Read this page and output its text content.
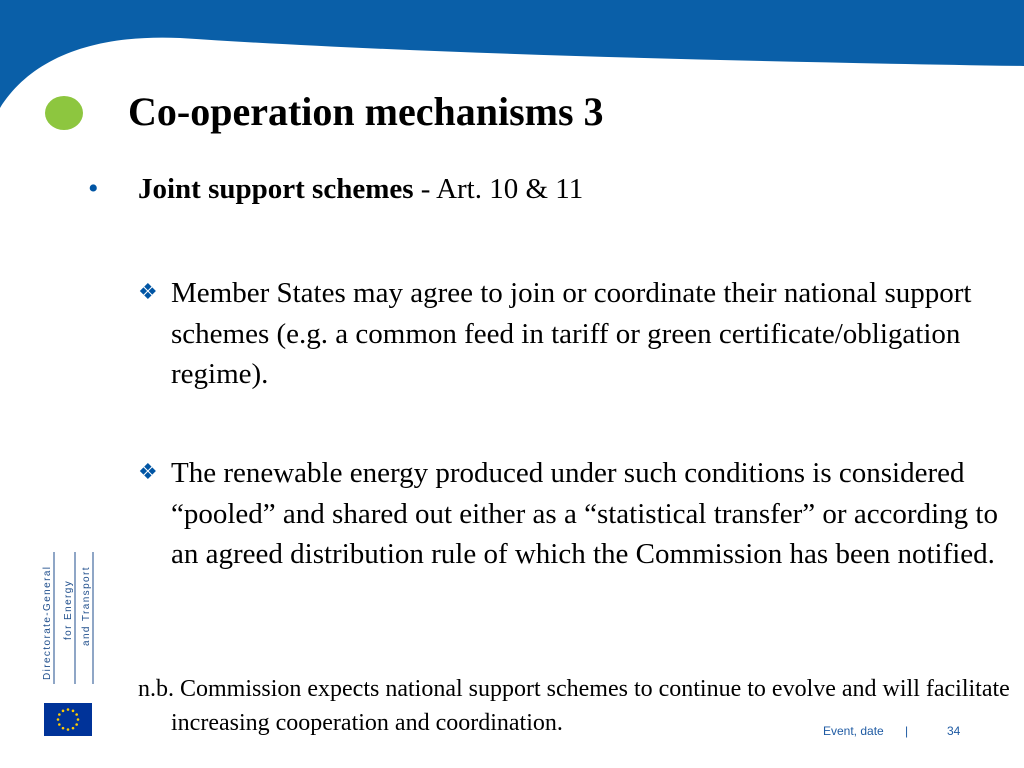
Co-operation mechanisms 3
• Joint support schemes - Art. 10 & 11

❖ Member States may agree to join or coordinate their national support schemes (e.g. a common feed in tariff or green certificate/obligation regime).

❖ The renewable energy produced under such conditions is considered “pooled” and shared out either as a “statistical transfer” or according to an agreed distribution rule of which the Commission has been notified.

n.b. Commission expects national support schemes to continue to evolve and will facilitate increasing cooperation and coordination.

Directorate-General for Energy and Transport
Event, date |	34
